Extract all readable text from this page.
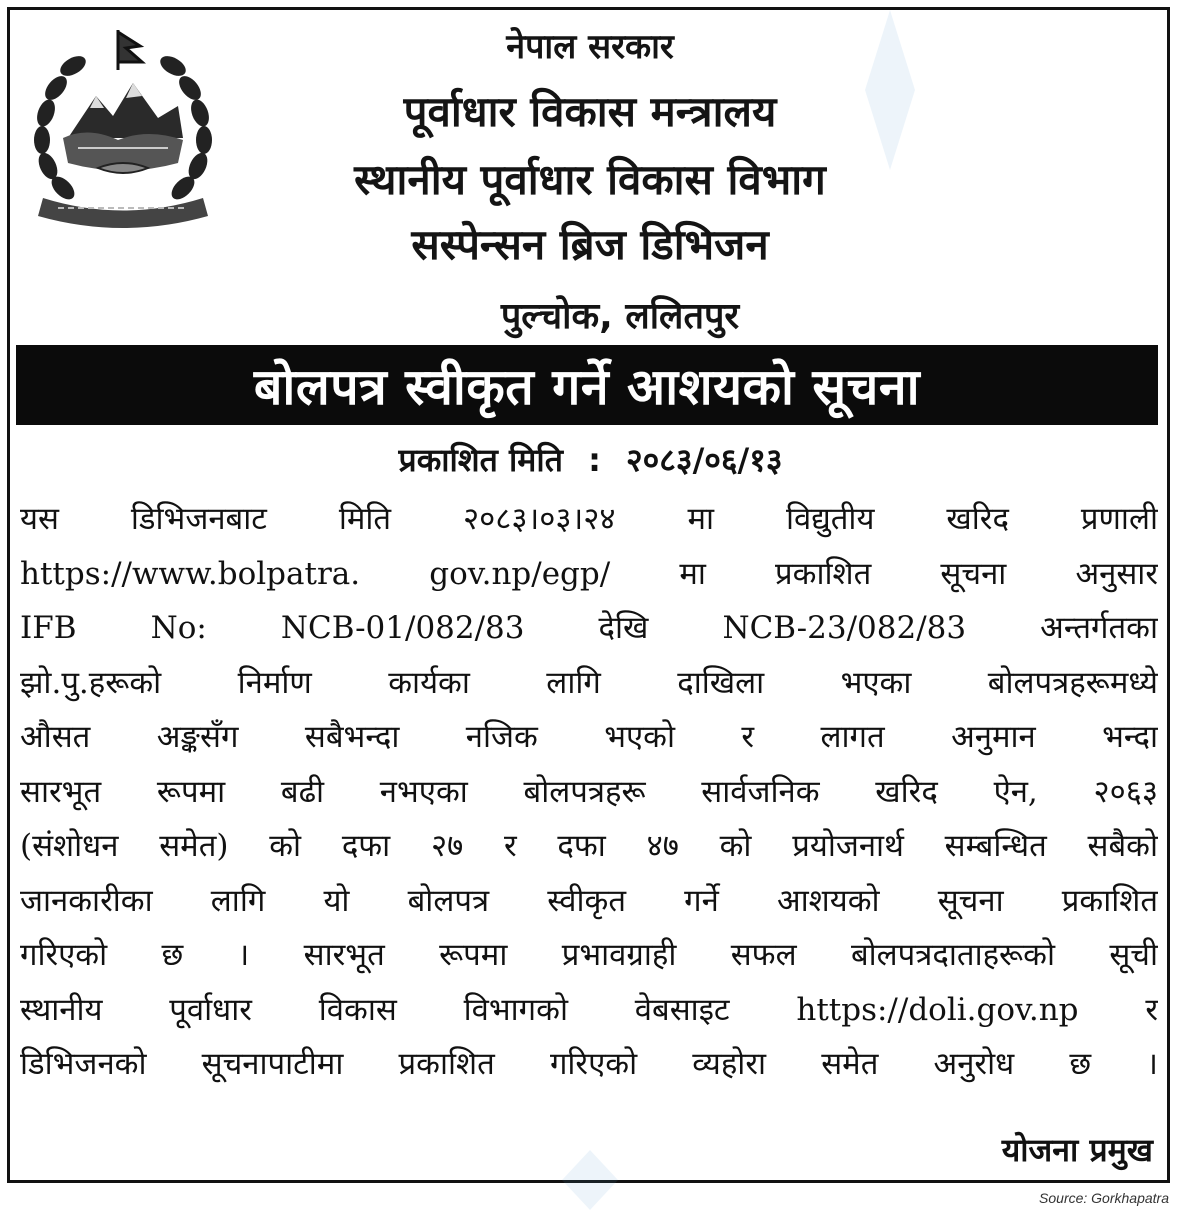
नेपाल सरकार
पूर्वाधार विकास मन्त्रालय
स्थानीय पूर्वाधार विकास विभाग
सस्पेन्सन ब्रिज डिभिजन
पुल्चोक, ललितपुर
बोलपत्र स्वीकृत गर्ने आशयको सूचना
प्रकाशित मिति : २०८३/०६/१३
यस डिभिजनबाट मिति २०८३।०३।२४ मा विद्युतीय खरिद प्रणाली
https://www.bolpatra. gov.np/egp/ मा प्रकाशित सूचना अनुसार
IFB No: NCB-01/082/83 देखि NCB-23/082/83 अन्तर्गतका
झो.पु.हरूको निर्माण कार्यका लागि दाखिला भएका बोलपत्रहरूमध्ये
औसत अङ्कसँग सबैभन्दा नजिक भएको र लागत अनुमान भन्दा
सारभूत रूपमा बढी नभएका बोलपत्रहरू सार्वजनिक खरिद ऐन, २०६३
(संशोधन समेत) को दफा २७ र दफा ४७ को प्रयोजनार्थ सम्बन्धित सबैको
जानकारीका लागि यो बोलपत्र स्वीकृत गर्ने आशयको सूचना प्रकाशित
गरिएको छ । सारभूत रूपमा प्रभावग्राही सफल बोलपत्रदाताहरूको सूची
स्थानीय पूर्वाधार विकास विभागको वेबसाइट https://doli.gov.np र
डिभिजनको सूचनापाटीमा प्रकाशित गरिएको व्यहोरा समेत अनुरोध छ ।
योजना प्रमुख
Source: Gorkhapatra
